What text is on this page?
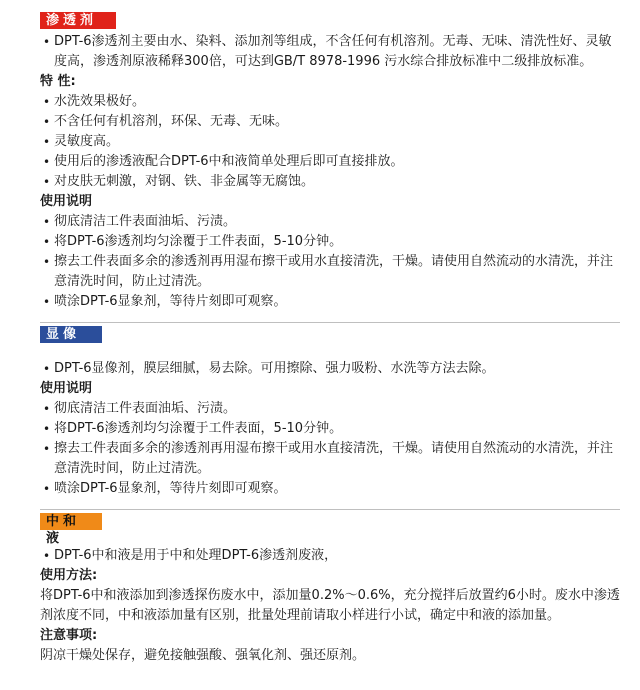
渗透剂

• DPT-6渗透剂主要由水、染料、添加剂等组成，不含任何有机溶剂。无毒、无味、清洗性好、灵敏度高，渗透剂原液稀释300倍，可达到GB/T 8978-1996 污水综合排放标准中二级排放标准。

特 性:

• 水洗效果极好。

• 不含任何有机溶剂，环保、无毒、无味。

• 灵敏度高。

• 使用后的渗透液配合DPT-6中和液简单处理后即可直接排放。

• 对皮肤无刺激，对钢、铁、非金属等无腐蚀。

使用说明

• 彻底清洁工件表面油垢、污渍。

• 将DPT-6渗透剂均匀涂覆于工件表面，5-10分钟。

• 擦去工件表面多余的渗透剂再用湿布擦干或用水直接清洗，干燥。请使用自然流动的水清洗，并注意清洗时间，防止过清洗。

• 喷涂DPT-6显象剂，等待片刻即可观察。

显像液

• DPT-6显像剂，膜层细腻，易去除。可用擦除、强力吸粉、水洗等方法去除。

使用说明

• 彻底清洁工件表面油垢、污渍。

• 将DPT-6渗透剂均匀涂覆于工件表面，5-10分钟。

• 擦去工件表面多余的渗透剂再用湿布擦干或用水直接清洗，干燥。请使用自然流动的水清洗，并注意清洗时间，防止过清洗。

• 喷涂DPT-6显象剂，等待片刻即可观察。

中和液

• DPT-6中和液是用于中和处理DPT-6渗透剂废液，

使用方法:

将DPT-6中和液添加到渗透探伤废水中，添加量0.2%～0.6%，充分搅拌后放置约6小时。废水中渗透剂浓度不同，中和液添加量有区别，批量处理前请取小样进行小试，确定中和液的添加量。

注意事项:

阴凉干燥处保存，避免接触强酸、强氧化剂、强还原剂。
